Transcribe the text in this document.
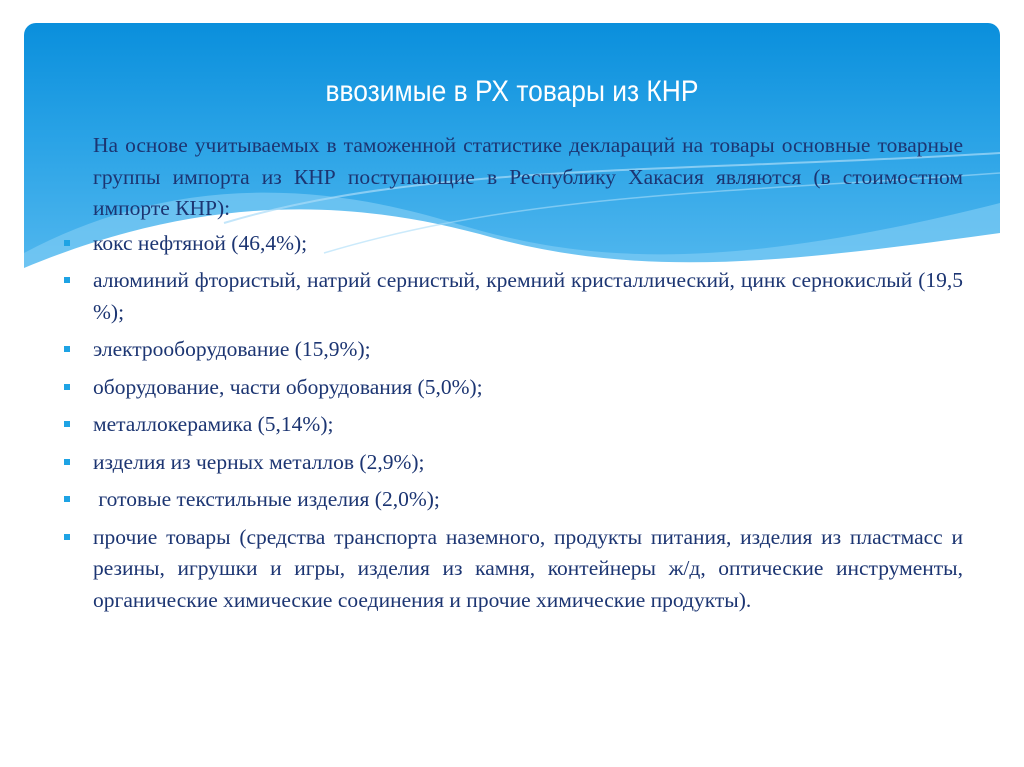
ввозимые в РХ товары из КНР

На основе учитываемых в таможенной статистике деклараций на товары основные товарные группы импорта из КНР поступающие в Республику Хакасия являются (в стоимостном импорте КНР):

кокс нефтяной (46,4%);
алюминий фтористый, натрий сернистый, кремний кристаллический, цинк сернокислый (19,5 %);
электрооборудование (15,9%);
оборудование, части оборудования (5,0%);
металлокерамика (5,14%);
изделия из черных металлов (2,9%);
готовые текстильные изделия (2,0%);
прочие товары (средства транспорта наземного, продукты питания, изделия из пластмасс и резины, игрушки и игры, изделия из камня, контейнеры ж/д, оптические инструменты, органические химические соединения и прочие химические продукты).
